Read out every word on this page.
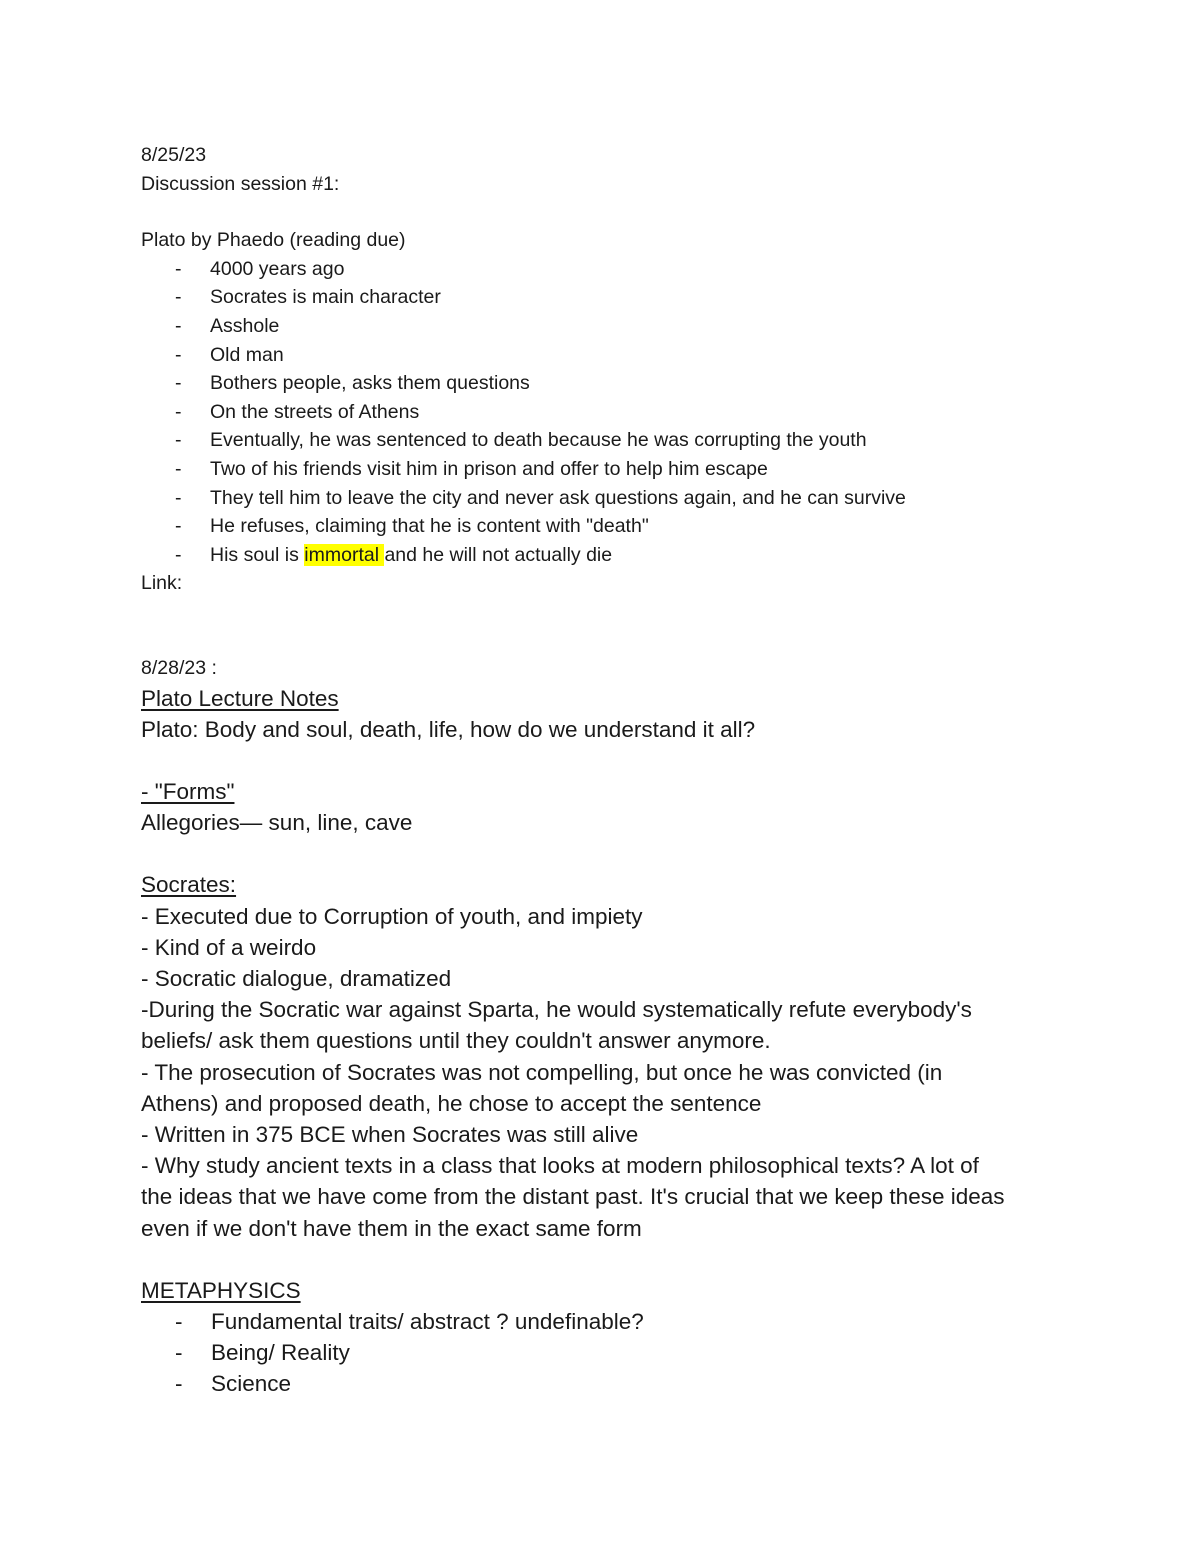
8/25/23
Discussion session #1:
Plato by Phaedo (reading due)
-	4000 years ago
-	Socrates is main character
-	Asshole
-	Old man
-	Bothers people, asks them questions
-	On the streets of Athens
-	Eventually, he was sentenced to death because he was corrupting the youth
-	Two of his friends visit him in prison and offer to help him escape
-	They tell him to leave the city and never ask questions again, and he can survive
-	He refuses, claiming that he is content with "death"
-	His soul is immortal and he will not actually die
Link:
8/28/23 :
Plato Lecture Notes
Plato: Body and soul, death, life, how do we understand it all?
- "Forms"
Allegories— sun, line, cave
Socrates:
- Executed due to Corruption of youth, and impiety
- Kind of a weirdo
- Socratic dialogue, dramatized
-During the Socratic war against Sparta, he would systematically refute everybody's
beliefs/ ask them questions until they couldn't answer anymore.
- The prosecution of Socrates was not compelling, but once he was convicted (in
Athens) and proposed death, he chose to accept the sentence
- Written in 375 BCE when Socrates was still alive
- Why study ancient texts in a class that looks at modern philosophical texts? A lot of
the ideas that we have come from the distant past. It's crucial that we keep these ideas
even if we don't have them in the exact same form
METAPHYSICS
-	Fundamental traits/ abstract ? undefinable?
-	Being/ Reality
-	Science
